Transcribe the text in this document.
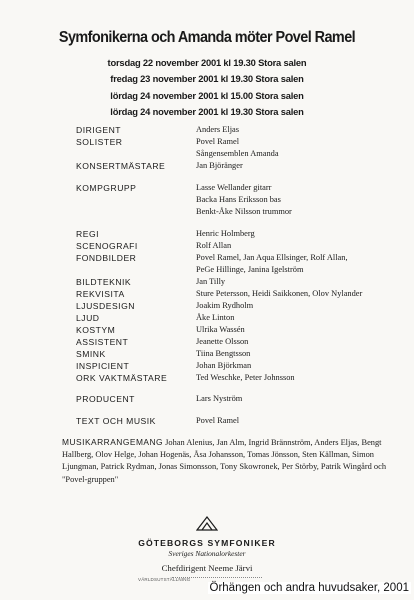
Symfonikerna och Amanda möter Povel Ramel
torsdag 22 november 2001 kl 19.30 Stora salen
fredag 23 november 2001 kl 19.30 Stora salen
lördag 24 november 2001 kl 15.00 Stora salen
lördag 24 november 2001 kl 19.30 Stora salen
DIRIGENT	Anders Eljas
SOLISTER	Povel Ramel
Sångensemblen Amanda
KONSERTMÄSTARE	Jan Björänger
KOMPGRUPP	Lasse Wellander gitarr
Backa Hans Eriksson bas
Benkt-Åke Nilsson trummor
REGI	Henric Holmberg
SCENOGRAFI	Rolf Allan
FONDBILDER	Povel Ramel, Jan Aqua Ellsinger, Rolf Allan,
PeGe Hillinge, Janina Igelström
BILDTEKNIK	Jan Tilly
REKVISITA	Sture Petersson, Heidi Saikkonen, Olov Nylander
LJUSDESIGN	Joakim Rydholm
LJUD	Åke Linton
KOSTYM	Ulrika Wassén
ASSISTENT	Jeanette Olsson
SMINK	Tiina Bengtsson
INSPICIENT	Johan Björkman
ORK VAKTMÄSTARE	Ted Weschke, Peter Johnsson
PRODUCENT	Lars Nyström
TEXT OCH MUSIK	Povel Ramel
MUSIKARRANGEMANG Johan Alenius, Jan Alm, Ingrid Brännström, Anders Eljas, Bengt Hallberg, Olov Helge, Johan Hogenäs, Åsa Johansson, Tomas Jönsson, Sten Källman, Simon Ljungman, Patrick Rydman, Jonas Simonsson, Tony Skowronek, Per Störby, Patrik Wingård och "Povel-gruppen"
GÖTEBORGS SYMFONIKER
Sveriges Nationalorkester
Chefdirigent Neeme Järvi
VÄRLDSUTSTÄLLNING
Örhängen och andra huvudsaker, 2001
